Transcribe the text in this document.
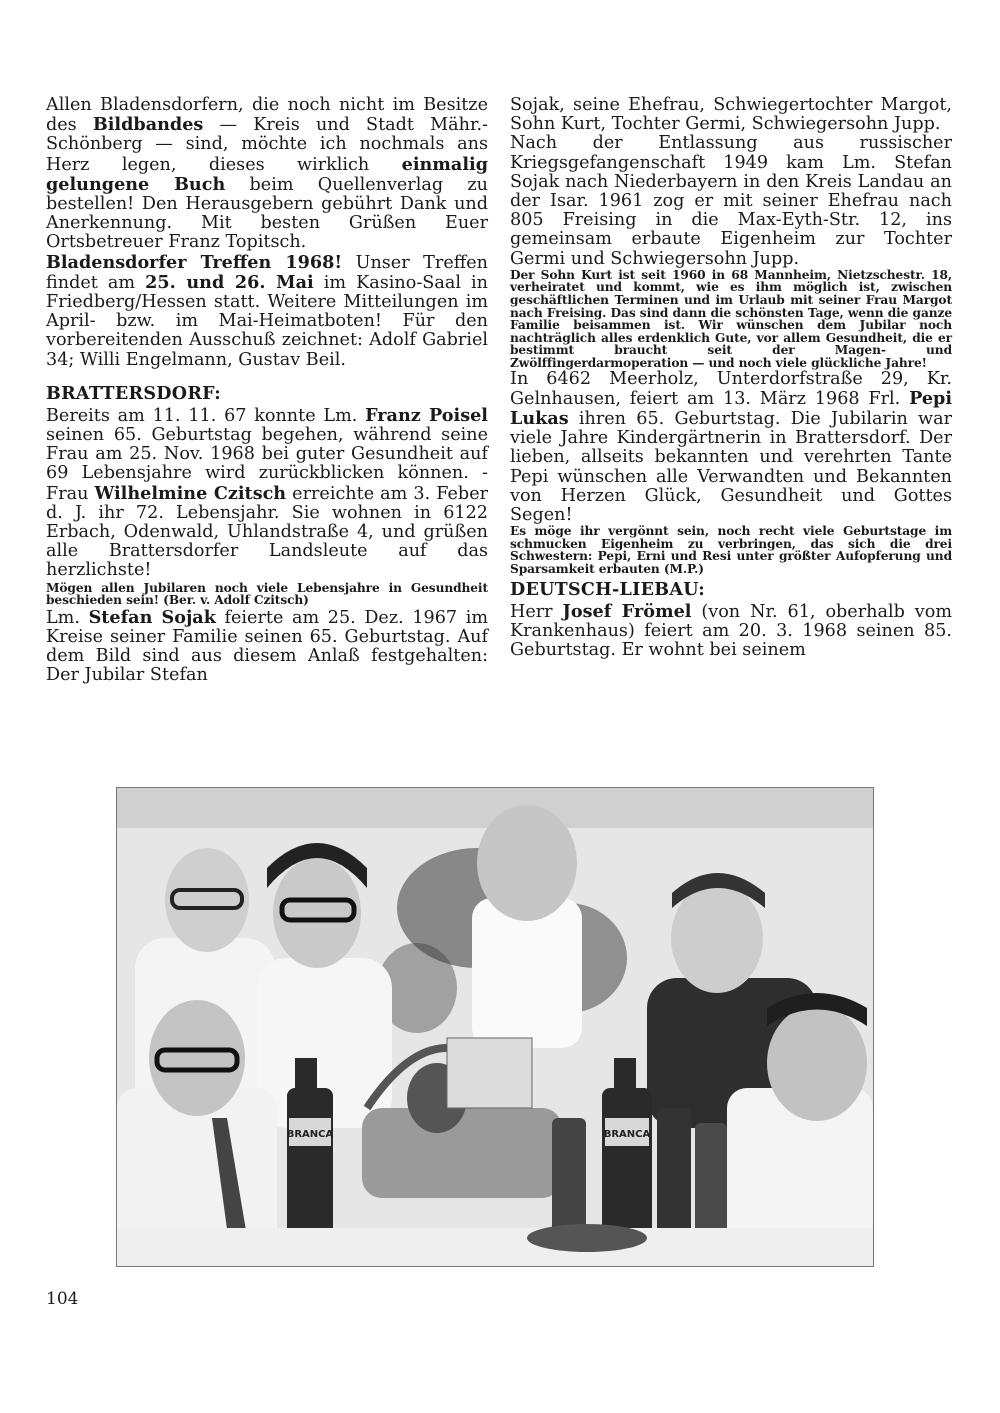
Allen Bladensdorfern, die noch nicht im Besitze des Bildbandes — Kreis und Stadt Mähr.-Schönberg — sind, möchte ich nochmals ans Herz legen, dieses wirklich einmalig gelungene Buch beim Quellenverlag zu bestellen! Den Herausgebern gebührt Dank und Anerkennung. Mit besten Grüßen Euer Ortsbetreuer Franz Topitsch.

Bladensdorfer Treffen 1968! Unser Treffen findet am 25. und 26. Mai im Kasino-Saal in Friedberg/Hessen statt. Weitere Mitteilungen im April- bzw. im Mai-Heimatboten! Für den vorbereitenden Ausschuß zeichnet: Adolf Gabriel 34; Willi Engelmann, Gustav Beil.

BRATTERSDORF:

Bereits am 11. 11. 67 konnte Lm. Franz Poisel seinen 65. Geburtstag begehen, während seine Frau am 25. Nov. 1968 bei guter Gesundheit auf 69 Lebensjahre wird zurückblicken können. - Frau Wilhelmine Czitsch erreichte am 3. Feber d. J. ihr 72. Lebensjahr. Sie wohnen in 6122 Erbach, Odenwald, Uhlandstraße 4, und grüßen alle Brattersdorfer Landsleute auf das herzlichste!

Mögen allen Jubilaren noch viele Lebensjahre in Gesundheit beschieden sein! (Ber. v. Adolf Czitsch)

Lm. Stefan Sojak feierte am 25. Dez. 1967 im Kreise seiner Familie seinen 65. Geburtstag. Auf dem Bild sind aus diesem Anlaß festgehalten: Der Jubilar Stefan

Sojak, seine Ehefrau, Schwiegertochter Margot, Sohn Kurt, Tochter Germi, Schwiegersohn Jupp.

Nach der Entlassung aus russischer Kriegsgefangenschaft 1949 kam Lm. Stefan Sojak nach Niederbayern in den Kreis Landau an der Isar. 1961 zog er mit seiner Ehefrau nach 805 Freising in die Max-Eyth-Str. 12, ins gemeinsam erbaute Eigenheim zur Tochter Germi und Schwiegersohn Jupp.

Der Sohn Kurt ist seit 1960 in 68 Mannheim, Nietzschestr. 18, verheiratet und kommt, wie es ihm möglich ist, zwischen geschäftlichen Terminen und im Urlaub mit seiner Frau Margot nach Freising. Das sind dann die schönsten Tage, wenn die ganze Familie beisammen ist. Wir wünschen dem Jubilar noch nachträglich alles erdenklich Gute, vor allem Gesundheit, die er bestimmt braucht seit der Magen- und Zwölffingerdarmoperation — und noch viele glückliche Jahre!

In 6462 Meerholz, Unterdorfstraße 29, Kr. Gelnhausen, feiert am 13. März 1968 Frl. Pepi Lukas ihren 65. Geburtstag. Die Jubilarin war viele Jahre Kindergärtnerin in Brattersdorf. Der lieben, allseits bekannten und verehrten Tante Pepi wünschen alle Verwandten und Bekannten von Herzen Glück, Gesundheit und Gottes Segen!

Es möge ihr vergönnt sein, noch recht viele Geburtstage im schmucken Eigenheim zu verbringen, das sich die drei Schwestern: Pepi, Erni und Resi unter größter Aufopferung und Sparsamkeit erbauten (M.P.)

DEUTSCH-LIEBAU:

Herr Josef Frömel (von Nr. 61, oberhalb vom Krankenhaus) feiert am 20. 3. 1968 seinen 85. Geburtstag. Er wohnt bei seinem

BRANCA	BRANCA
104
